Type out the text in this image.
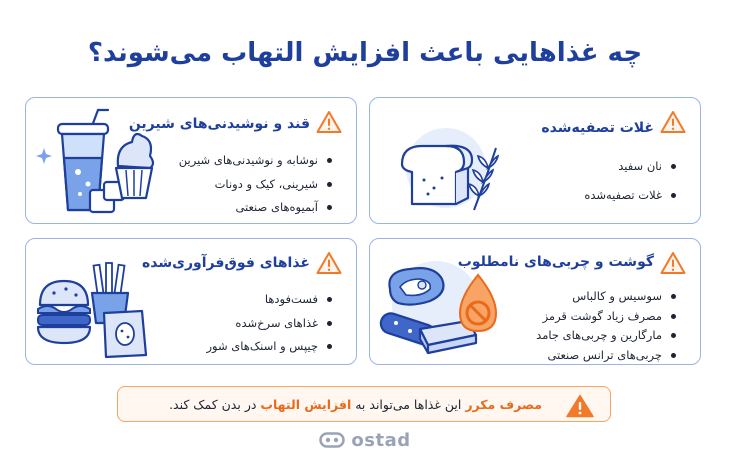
چه غذاهایی باعث افزایش التهاب می‌شوند؟
غلات تصفیه‌شده
نان سفید
غلات تصفیه‌شده
قند و نوشیدنی‌های شیرین
نوشابه و نوشیدنی‌های شیرین
شیرینی، کیک و دونات
آبمیوه‌های صنعتی
گوشت و چربی‌های نامطلوب
سوسیس و کالباس
مصرف زیاد گوشت قرمز
مارگارین و چربی‌های جامد
چربی‌های ترانس صنعتی
غذاهای فوق‌فرآوری‌شده
فست‌فودها
غذاهای سرخ‌شده
چیپس و اسنک‌های شور
مصرف مکرر این غذاها می‌تواند به افزایش التهاب در بدن کمک کند.
ostad
